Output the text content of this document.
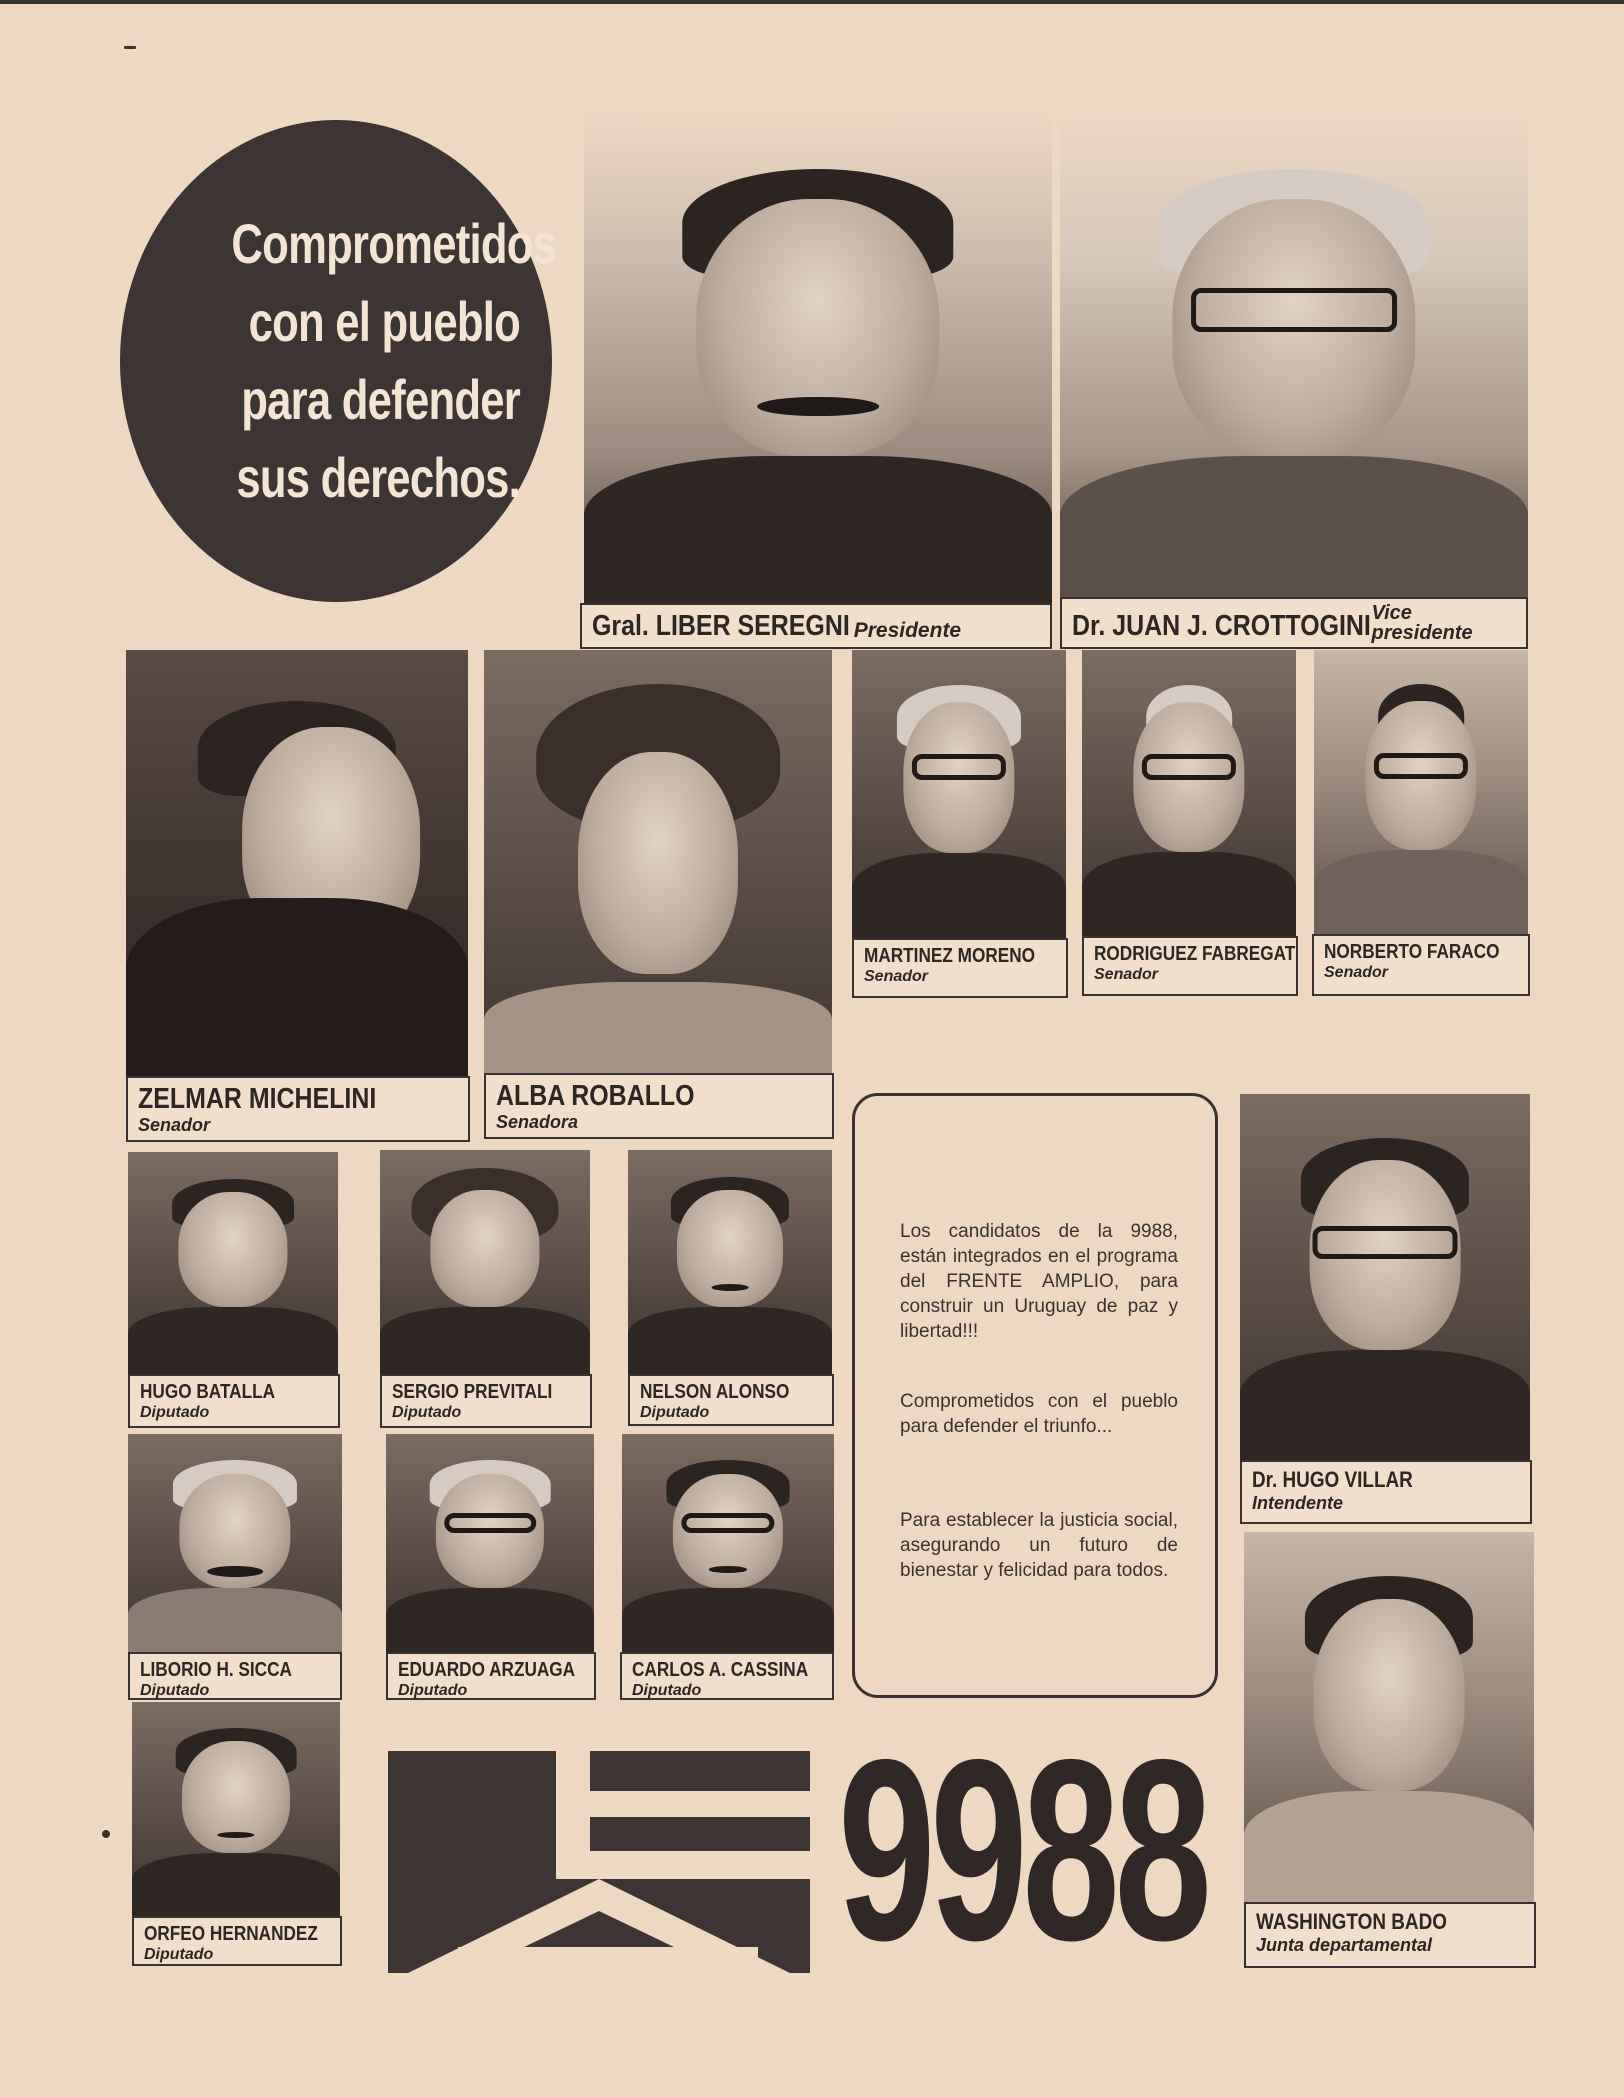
Comprometidos
con el pueblo
para defender
sus derechos.
Gral. LIBER SEREGNI Presidente	Dr. JUAN J. CROTTOGINI Vice
presidente
ZELMAR MICHELINI
Senador
ALBA ROBALLO
Senadora
MARTINEZ MORENO
Senador
RODRIGUEZ FABREGAT
Senador
NORBERTO FARACO
Senador
HUGO BATALLA
Diputado
SERGIO PREVITALI
Diputado
NELSON ALONSO
Diputado
LIBORIO H. SICCA
Diputado
EDUARDO ARZUAGA
Diputado
CARLOS A. CASSINA
Diputado
ORFEO HERNANDEZ
Diputado
Los candidatos de la 9988, están integrados en el programa del FRENTE AMPLIO, para construir un Uruguay de paz y libertad!!!
Comprometidos con el pueblo para defender el triunfo...
Para establecer la justicia social, asegurando un futuro de bienestar y felicidad para todos.
Dr. HUGO VILLAR
Intendente
WASHINGTON BADO
Junta departamental
9988
